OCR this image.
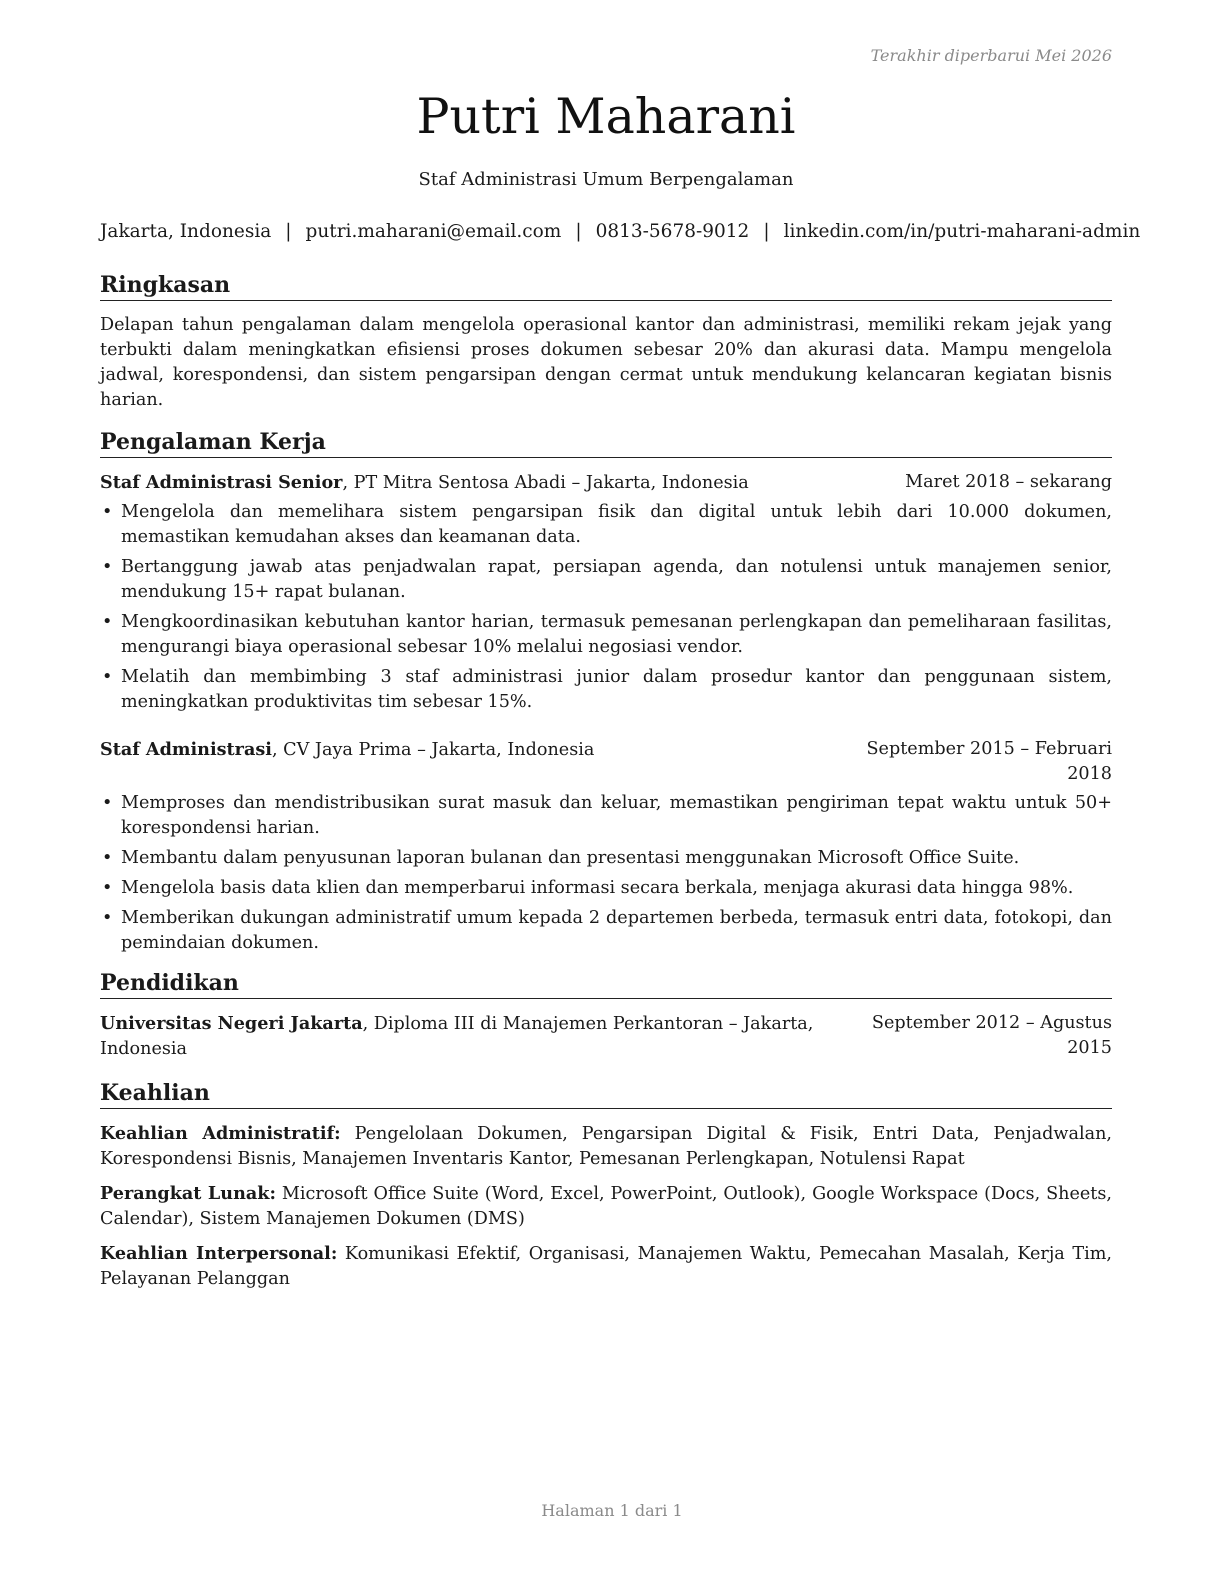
Terakhir diperbarui Mei 2026
Putri Maharani
Staf Administrasi Umum Berpengalaman
Jakarta, Indonesia | putri.maharani@email.com | 0813-5678-9012 | linkedin.com/in/putri-maharani-admin
Ringkasan

Delapan tahun pengalaman dalam mengelola operasional kantor dan administrasi, memiliki rekam jejak yang terbukti dalam meningkatkan efisiensi proses dokumen sebesar 20% dan akurasi data. Mampu mengelola jadwal, korespondensi, dan sistem pengarsipan dengan cermat untuk mendukung kelancaran kegiatan bisnis harian.

Pengalaman Kerja
Staf Administrasi Senior, PT Mitra Sentosa Abadi – Jakarta, Indonesia	Maret 2018 – sekarang
• Mengelola dan memelihara sistem pengarsipan fisik dan digital untuk lebih dari 10.000 dokumen, memastikan kemudahan akses dan keamanan data.
• Bertanggung jawab atas penjadwalan rapat, persiapan agenda, dan notulensi untuk manajemen senior, mendukung 15+ rapat bulanan.
• Mengkoordinasikan kebutuhan kantor harian, termasuk pemesanan perlengkapan dan pemeliharaan fasilitas, mengurangi biaya operasional sebesar 10% melalui negosiasi vendor.
• Melatih dan membimbing 3 staf administrasi junior dalam prosedur kantor dan penggunaan sistem, meningkatkan produktivitas tim sebesar 15%.
Staf Administrasi, CV Jaya Prima – Jakarta, Indonesia	September 2015 – Februari 2018
• Memproses dan mendistribusikan surat masuk dan keluar, memastikan pengiriman tepat waktu untuk 50+ korespondensi harian.
• Membantu dalam penyusunan laporan bulanan dan presentasi menggunakan Microsoft Office Suite.
• Mengelola basis data klien dan memperbarui informasi secara berkala, menjaga akurasi data hingga 98%.
• Memberikan dukungan administratif umum kepada 2 departemen berbeda, termasuk entri data, fotokopi, dan pemindaian dokumen.
Pendidikan
Universitas Negeri Jakarta, Diploma III di Manajemen Perkantoran – Jakarta, Indonesia
September 2012 – Agustus 2015
Keahlian

Keahlian Administratif: Pengelolaan Dokumen, Pengarsipan Digital & Fisik, Entri Data, Penjadwalan, Korespondensi Bisnis, Manajemen Inventaris Kantor, Pemesanan Perlengkapan, Notulensi Rapat

Perangkat Lunak: Microsoft Office Suite (Word, Excel, PowerPoint, Outlook), Google Workspace (Docs, Sheets, Calendar), Sistem Manajemen Dokumen (DMS)

Keahlian Interpersonal: Komunikasi Efektif, Organisasi, Manajemen Waktu, Pemecahan Masalah, Kerja Tim, Pelayanan Pelanggan

Halaman 1 dari 1
